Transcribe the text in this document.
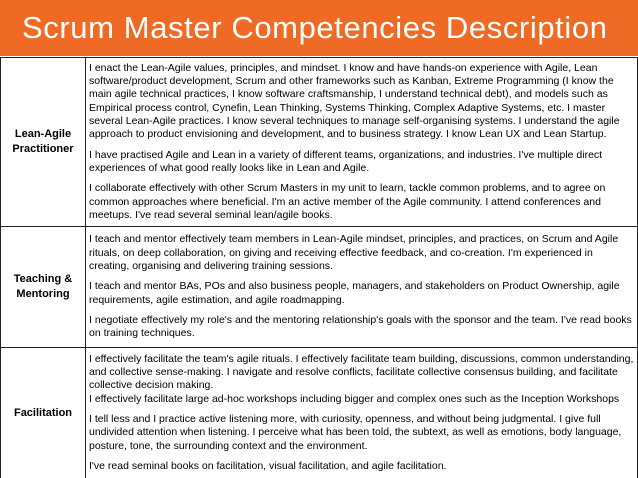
Scrum Master Competencies Description
Lean-Agile Practitioner	I enact the Lean-Agile values, principles, and mindset. I know and have hands-on experience with Agile, Lean software/product development, Scrum and other frameworks such as Kanban, Extreme Programming (I know the main agile technical practices, I know software craftsmanship, I understand technical debt), and models such as Empirical process control, Cynefin, Lean Thinking, Systems Thinking, Complex Adaptive Systems, etc. I master several Lean-Agile practices. I know several techniques to manage self-organising systems. I understand the agile approach to product envisioning and development, and to business strategy. I know Lean UX and Lean Startup.

I have practised Agile and Lean in a variety of different teams, organizations, and industries. I've multiple direct experiences of what good really looks like in Lean and Agile.

I collaborate effectively with other Scrum Masters in my unit to learn, tackle common problems, and to agree on common approaches where beneficial. I'm an active member of the Agile community. I attend conferences and meetups. I've read several seminal lean/agile books.

Teaching & Mentoring	I teach and mentor effectively team members in Lean-Agile mindset, principles, and practices, on Scrum and Agile rituals, on deep collaboration, on giving and receiving effective feedback, and co-creation. I'm experienced in creating, organising and delivering training sessions.

I teach and mentor BAs, POs and also business people, managers, and stakeholders on Product Ownership, agile requirements, agile estimation, and agile roadmapping.

I negotiate effectively my role's and the mentoring relationship's goals with the sponsor and the team. I've read books on training techniques.

Facilitation	I effectively facilitate the team's agile rituals. I effectively facilitate team building, discussions, common understanding, and collective sense-making. I navigate and resolve conflicts, facilitate collective consensus building, and facilitate collective decision making.

I effectively facilitate large ad-hoc workshops including bigger and complex ones such as the Inception Workshops

I tell less and I practice active listening more, with curiosity, openness, and without being judgmental. I give full undivided attention when listening. I perceive what has been told, the subtext, as well as emotions, body language, posture, tone, the surrounding context and the environment.

I've read seminal books on facilitation, visual facilitation, and agile facilitation.
